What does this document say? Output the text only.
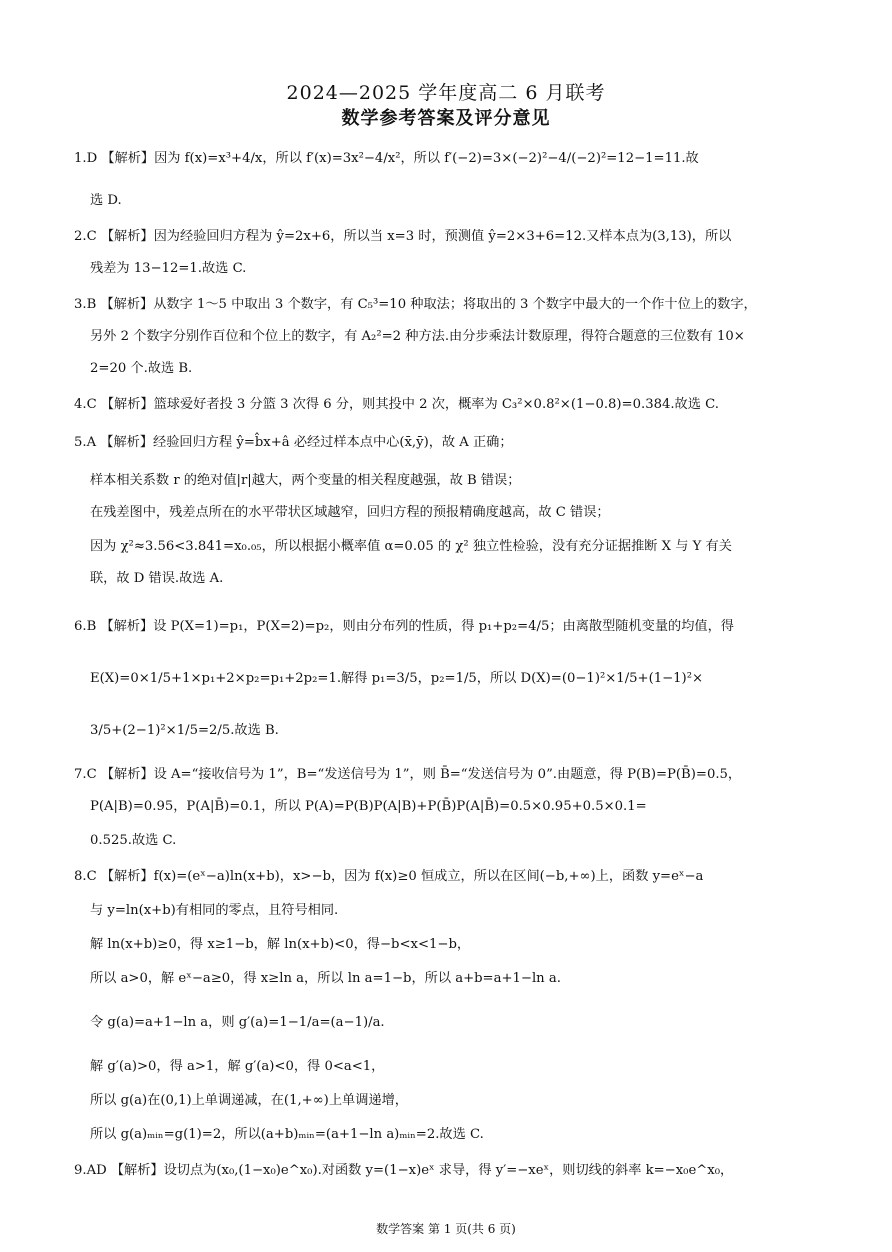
2024—2025 学年度高二 6 月联考
数学参考答案及评分意见
1.D 【解析】因为 f(x)=x³+4/x，所以 f′(x)=3x²−4/x²，所以 f′(−2)=3×(−2)²−4/(−2)²=12−1=11.故
选 D.
2.C 【解析】因为经验回归方程为 ŷ=2x+6，所以当 x=3 时，预测值 ŷ=2×3+6=12.又样本点为(3,13)，所以
残差为 13−12=1.故选 C.
3.B 【解析】从数字 1～5 中取出 3 个数字，有 C₅³=10 种取法；将取出的 3 个数字中最大的一个作十位上的数字，
另外 2 个数字分别作百位和个位上的数字，有 A₂²=2 种方法.由分步乘法计数原理，得符合题意的三位数有 10×
2=20 个.故选 B.
4.C 【解析】篮球爱好者投 3 分篮 3 次得 6 分，则其投中 2 次，概率为 C₃²×0.8²×(1−0.8)=0.384.故选 C.
5.A 【解析】经验回归方程 ŷ=b̂x+â 必经过样本点中心(x̄,ȳ)，故 A 正确；
样本相关系数 r 的绝对值|r|越大，两个变量的相关程度越强，故 B 错误；
在残差图中，残差点所在的水平带状区域越窄，回归方程的预报精确度越高，故 C 错误；
因为 χ²≈3.56<3.841=x₀.₀₅，所以根据小概率值 α=0.05 的 χ² 独立性检验，没有充分证据推断 X 与 Y 有关
联，故 D 错误.故选 A.
6.B 【解析】设 P(X=1)=p₁，P(X=2)=p₂，则由分布列的性质，得 p₁+p₂=4/5；由离散型随机变量的均值，得
E(X)=0×1/5+1×p₁+2×p₂=p₁+2p₂=1.解得 p₁=3/5，p₂=1/5，所以 D(X)=(0−1)²×1/5+(1−1)²×
3/5+(2−1)²×1/5=2/5.故选 B.
7.C 【解析】设 A=“接收信号为 1”，B=“发送信号为 1”，则 B̄=“发送信号为 0”.由题意，得 P(B)=P(B̄)=0.5，
P(A|B)=0.95，P(A|B̄)=0.1，所以 P(A)=P(B)P(A|B)+P(B̄)P(A|B̄)=0.5×0.95+0.5×0.1=
0.525.故选 C.
8.C 【解析】f(x)=(eˣ−a)ln(x+b)，x>−b，因为 f(x)≥0 恒成立，所以在区间(−b,+∞)上，函数 y=eˣ−a
与 y=ln(x+b)有相同的零点，且符号相同.
解 ln(x+b)≥0，得 x≥1−b，解 ln(x+b)<0，得−b<x<1−b，
所以 a>0，解 eˣ−a≥0，得 x≥ln a，所以 ln a=1−b，所以 a+b=a+1−ln a.
令 g(a)=a+1−ln a，则 g′(a)=1−1/a=(a−1)/a.
解 g′(a)>0，得 a>1，解 g′(a)<0，得 0<a<1，
所以 g(a)在(0,1)上单调递减，在(1,+∞)上单调递增，
所以 g(a)ₘᵢₙ=g(1)=2，所以(a+b)ₘᵢₙ=(a+1−ln a)ₘᵢₙ=2.故选 C.
9.AD 【解析】设切点为(x₀,(1−x₀)e^x₀).对函数 y=(1−x)eˣ 求导，得 y′=−xeˣ，则切线的斜率 k=−x₀e^x₀，
数学答案 第 1 页(共 6 页)
